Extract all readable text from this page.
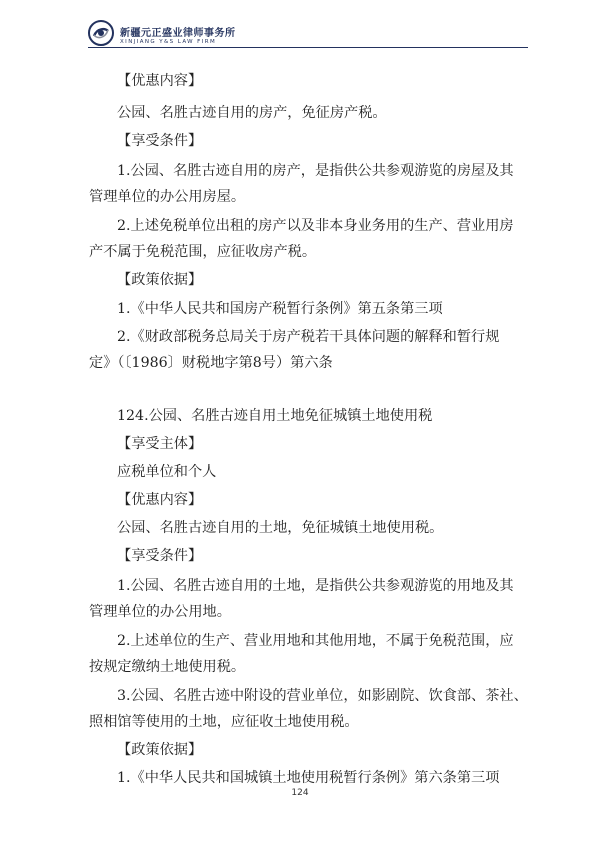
新疆元正盛业律师事务所
XINJIANG Y&S LAW FIRM
【优惠内容】
公园、名胜古迹自用的房产，免征房产税。
【享受条件】
1.公园、名胜古迹自用的房产，是指供公共参观游览的房屋及其
管理单位的办公用房屋。
2.上述免税单位出租的房产以及非本身业务用的生产、营业用房
产不属于免税范围，应征收房产税。
【政策依据】
1.《中华人民共和国房产税暂行条例》第五条第三项
2.《财政部税务总局关于房产税若干具体问题的解释和暂行规
定》（〔1986〕财税地字第8号）第六条
124.公园、名胜古迹自用土地免征城镇土地使用税
【享受主体】
应税单位和个人
【优惠内容】
公园、名胜古迹自用的土地，免征城镇土地使用税。
【享受条件】
1.公园、名胜古迹自用的土地，是指供公共参观游览的用地及其
管理单位的办公用地。
2.上述单位的生产、营业用地和其他用地，不属于免税范围，应
按规定缴纳土地使用税。
3.公园、名胜古迹中附设的营业单位，如影剧院、饮食部、茶社、
照相馆等使用的土地，应征收土地使用税。
【政策依据】
1.《中华人民共和国城镇土地使用税暂行条例》第六条第三项
124
